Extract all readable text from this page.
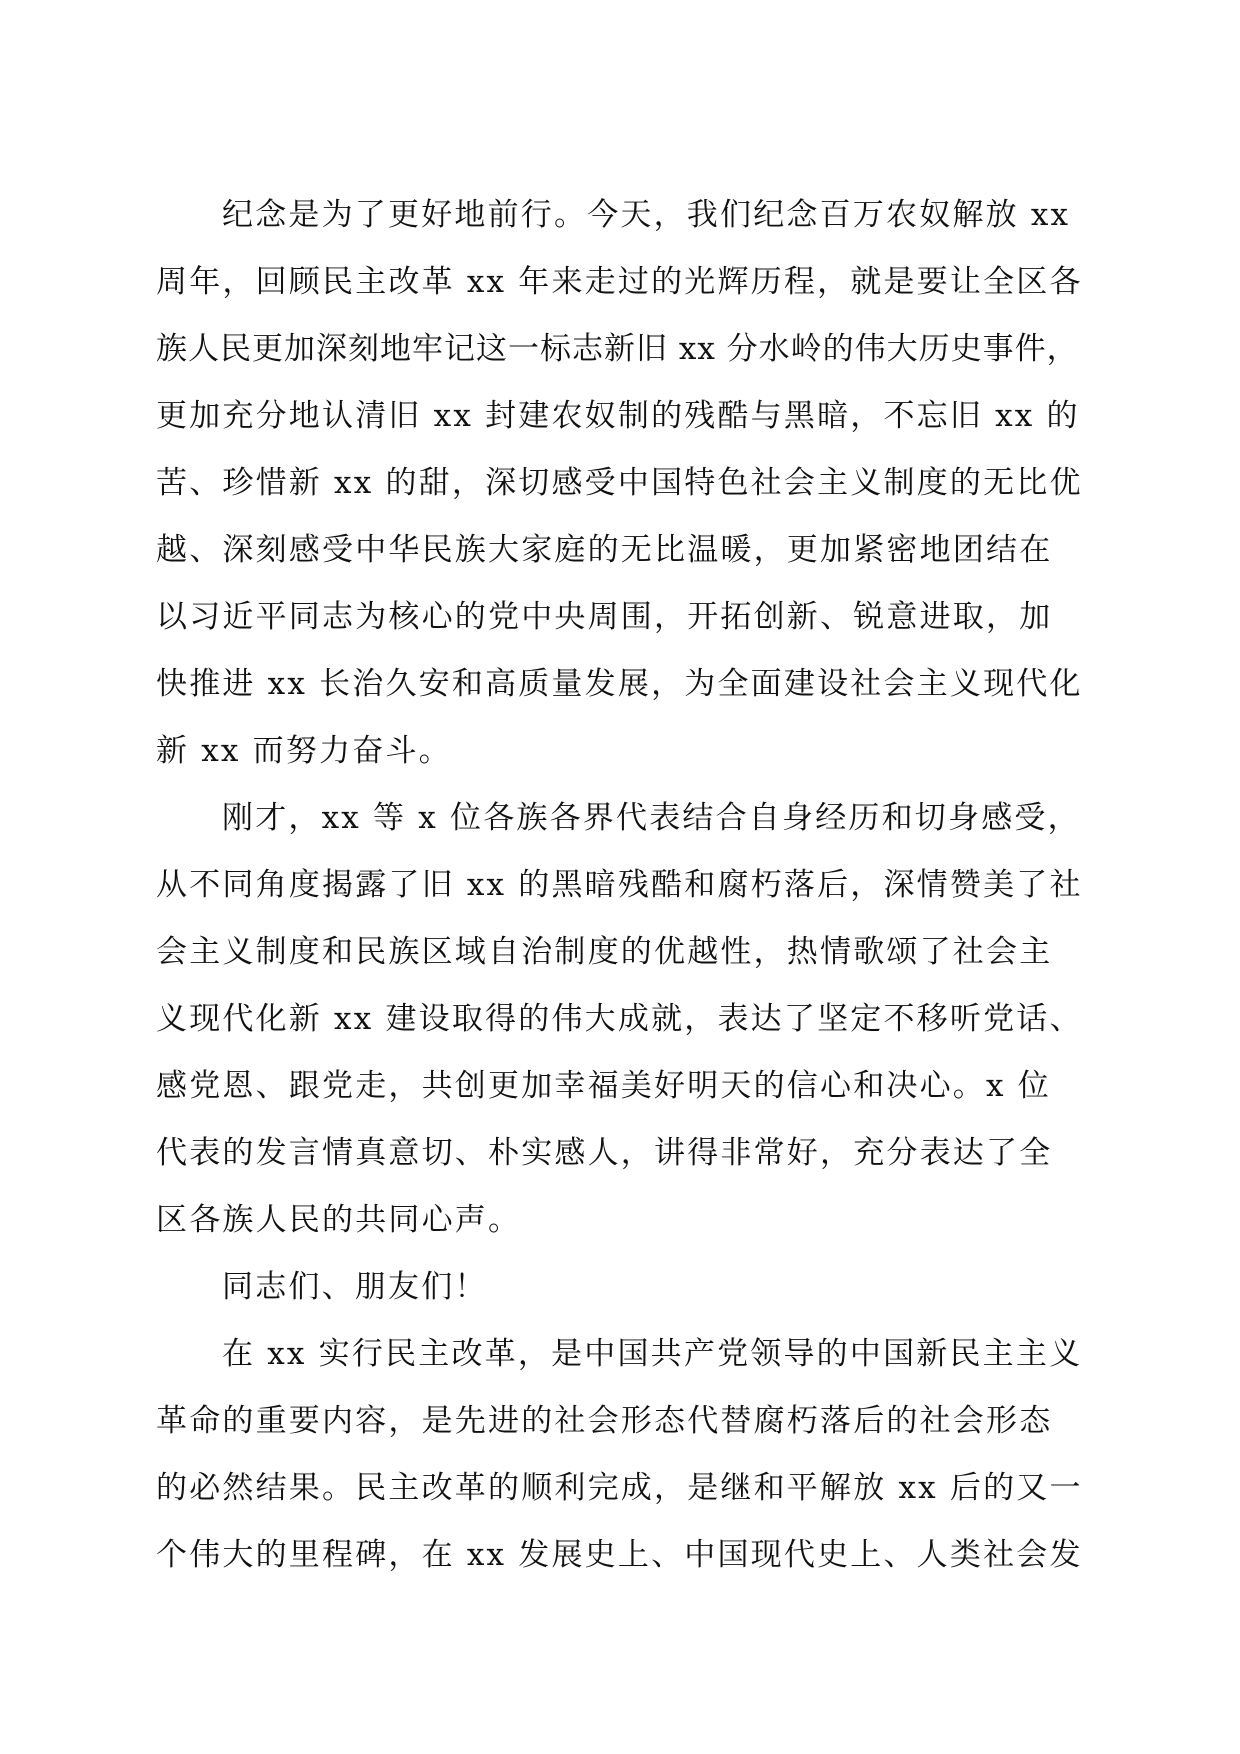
纪念是为了更好地前行。今天，我们纪念百万农奴解放 xx
周年，回顾民主改革 xx 年来走过的光辉历程，就是要让全区各
族人民更加深刻地牢记这一标志新旧 xx 分水岭的伟大历史事件，
更加充分地认清旧 xx 封建农奴制的残酷与黑暗，不忘旧 xx 的
苦、珍惜新 xx 的甜，深切感受中国特色社会主义制度的无比优
越、深刻感受中华民族大家庭的无比温暖，更加紧密地团结在
以习近平同志为核心的党中央周围，开拓创新、锐意进取，加
快推进 xx 长治久安和高质量发展，为全面建设社会主义现代化
新 xx 而努力奋斗。
刚才，xx 等 x 位各族各界代表结合自身经历和切身感受，
从不同角度揭露了旧 xx 的黑暗残酷和腐朽落后，深情赞美了社
会主义制度和民族区域自治制度的优越性，热情歌颂了社会主
义现代化新 xx 建设取得的伟大成就，表达了坚定不移听党话、
感党恩、跟党走，共创更加幸福美好明天的信心和决心。x 位
代表的发言情真意切、朴实感人，讲得非常好，充分表达了全
区各族人民的共同心声。
同志们、朋友们！
在 xx 实行民主改革，是中国共产党领导的中国新民主主义
革命的重要内容，是先进的社会形态代替腐朽落后的社会形态
的必然结果。民主改革的顺利完成，是继和平解放 xx 后的又一
个伟大的里程碑，在 xx 发展史上、中国现代史上、人类社会发
